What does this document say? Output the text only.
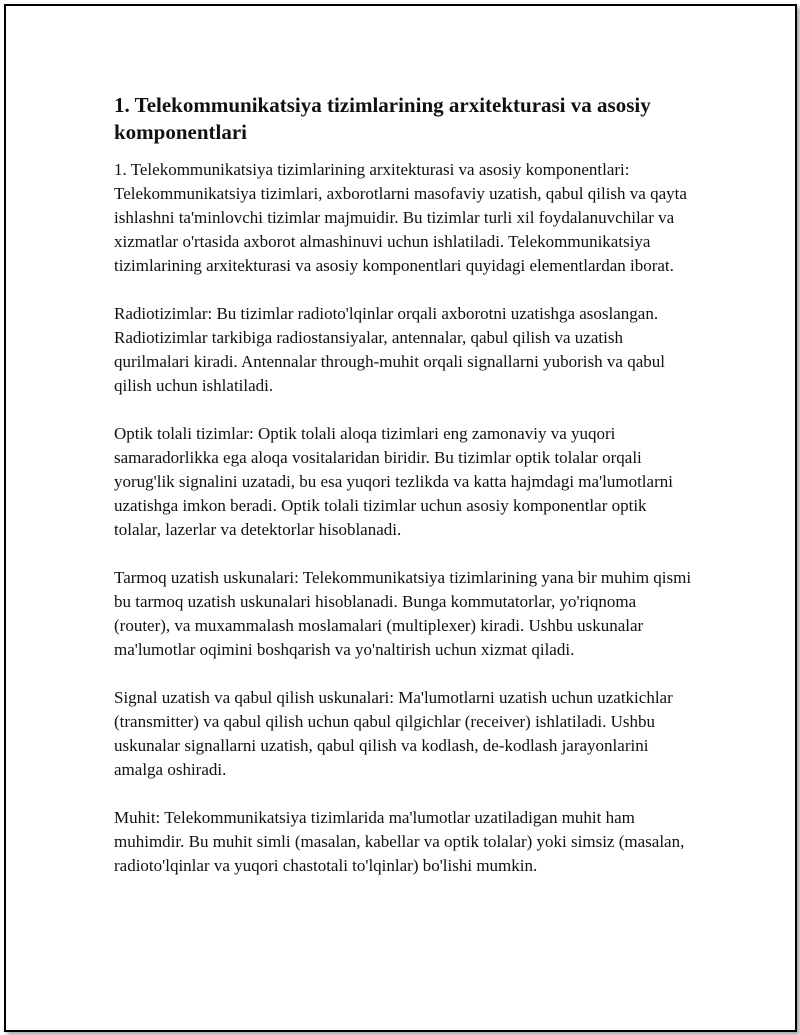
1. Telekommunikatsiya tizimlarining arxitekturasi va asosiy komponentlari

1. Telekommunikatsiya tizimlarining arxitekturasi va asosiy komponentlari: Telekommunikatsiya tizimlari, axborotlarni masofaviy uzatish, qabul qilish va qayta ishlashni ta'minlovchi tizimlar majmuidir. Bu tizimlar turli xil foydalanuvchilar va xizmatlar o'rtasida axborot almashinuvi uchun ishlatiladi. Telekommunikatsiya tizimlarining arxitekturasi va asosiy komponentlari quyidagi elementlardan iborat.

Radiotizimlar: Bu tizimlar radioto'lqinlar orqali axborotni uzatishga asoslangan. Radiotizimlar tarkibiga radiostansiyalar, antennalar, qabul qilish va uzatish qurilmalari kiradi. Antennalar through-muhit orqali signallarni yuborish va qabul qilish uchun ishlatiladi.

Optik tolali tizimlar: Optik tolali aloqa tizimlari eng zamonaviy va yuqori samaradorlikka ega aloqa vositalaridan biridir. Bu tizimlar optik tolalar orqali yorug'lik signalini uzatadi, bu esa yuqori tezlikda va katta hajmdagi ma'lumotlarni uzatishga imkon beradi. Optik tolali tizimlar uchun asosiy komponentlar optik tolalar, lazerlar va detektorlar hisoblanadi.

Tarmoq uzatish uskunalari: Telekommunikatsiya tizimlarining yana bir muhim qismi bu tarmoq uzatish uskunalari hisoblanadi. Bunga kommutatorlar, yo'riqnoma (router), va muxammalash moslamalari (multiplexer) kiradi. Ushbu uskunalar ma'lumotlar oqimini boshqarish va yo'naltirish uchun xizmat qiladi.

Signal uzatish va qabul qilish uskunalari: Ma'lumotlarni uzatish uchun uzatkichlar (transmitter) va qabul qilish uchun qabul qilgichlar (receiver) ishlatiladi. Ushbu uskunalar signallarni uzatish, qabul qilish va kodlash, de-kodlash jarayonlarini amalga oshiradi.

Muhit: Telekommunikatsiya tizimlarida ma'lumotlar uzatiladigan muhit ham muhimdir. Bu muhit simli (masalan, kabellar va optik tolalar) yoki simsiz (masalan, radioto'lqinlar va yuqori chastotali to'lqinlar) bo'lishi mumkin.
